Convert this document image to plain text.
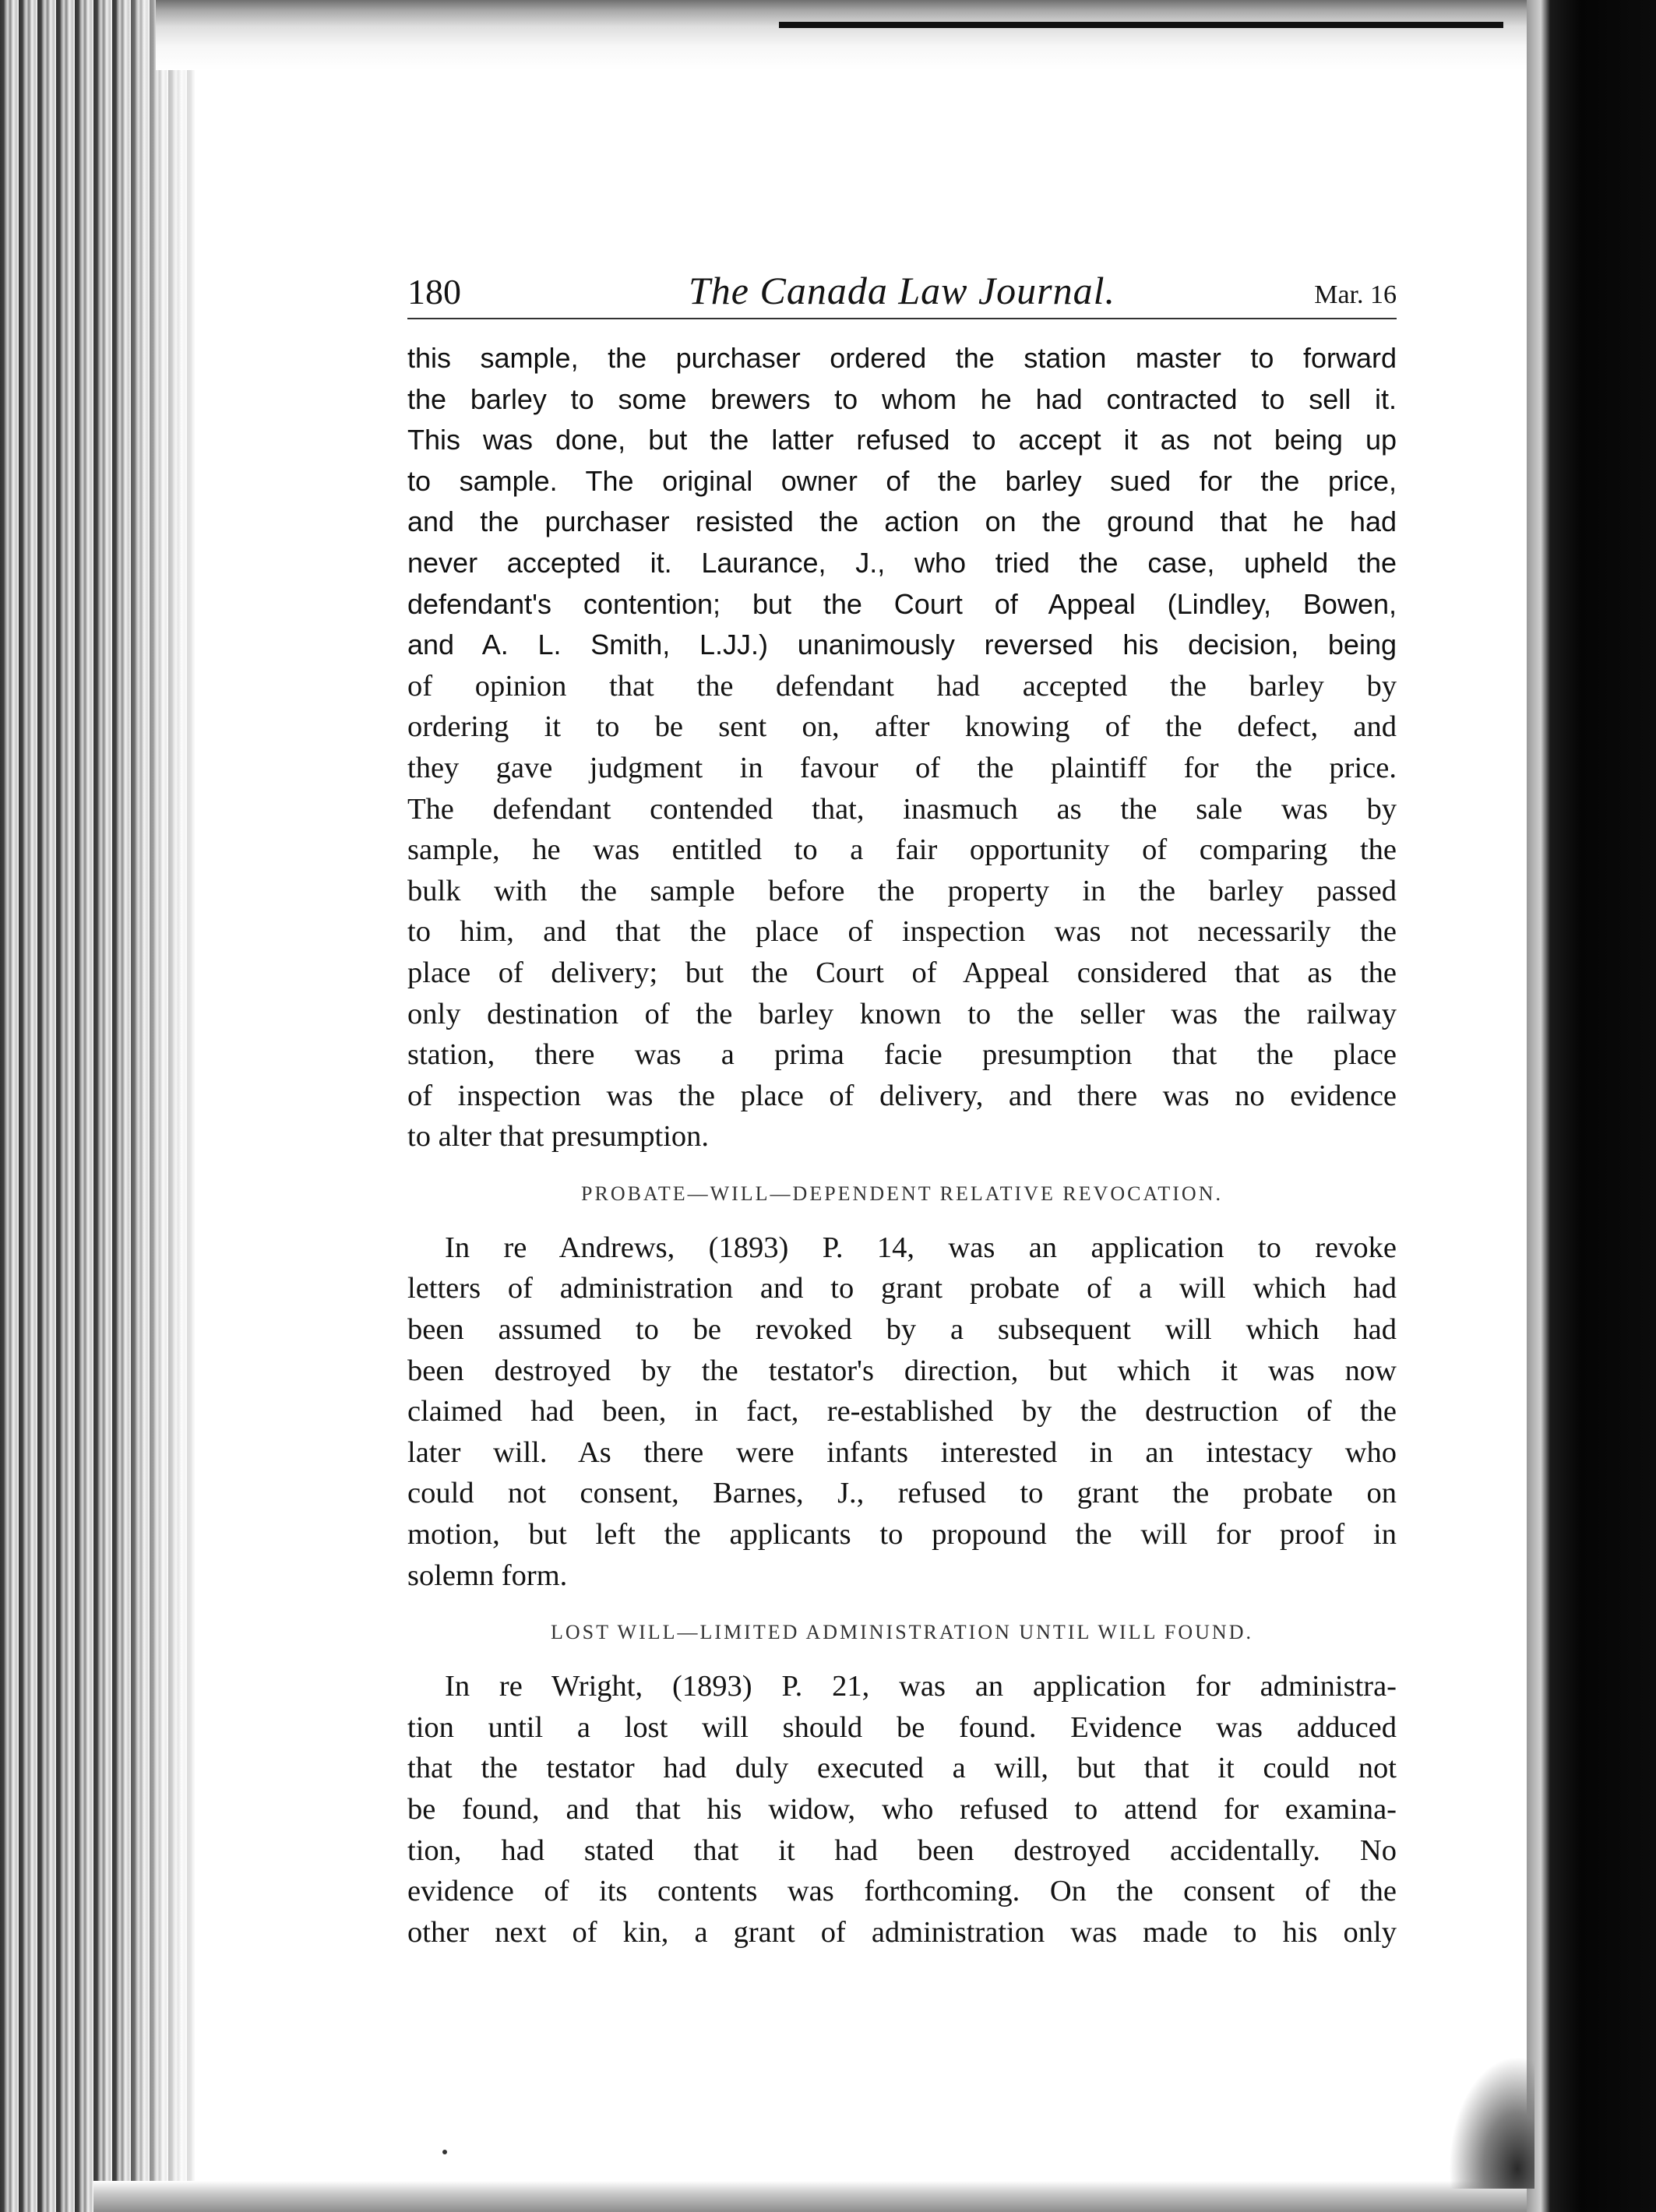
180	The Canada Law Journal.	Mar. 16
this sample, the purchaser ordered the station master to forward
the barley to some brewers to whom he had contracted to sell it.
This was done, but the latter refused to accept it as not being up
to sample. The original owner of the barley sued for the price,
and the purchaser resisted the action on the ground that he had
never accepted it. Laurance, J., who tried the case, upheld the
defendant's contention; but the Court of Appeal (Lindley, Bowen,
and A. L. Smith, L.JJ.) unanimously reversed his decision, being
of opinion that the defendant had accepted the barley by
ordering it to be sent on, after knowing of the defect, and
they gave judgment in favour of the plaintiff for the price.
The defendant contended that, inasmuch as the sale was by
sample, he was entitled to a fair opportunity of comparing the
bulk with the sample before the property in the barley passed
to him, and that the place of inspection was not necessarily the
place of delivery; but the Court of Appeal considered that as the
only destination of the barley known to the seller was the railway
station, there was a prima facie presumption that the place
of inspection was the place of delivery, and there was no evidence
to alter that presumption.
PROBATE—WILL—DEPENDENT RELATIVE REVOCATION.
In re Andrews, (1893) P. 14, was an application to revoke
letters of administration and to grant probate of a will which had
been assumed to be revoked by a subsequent will which had
been destroyed by the testator's direction, but which it was now
claimed had been, in fact, re-established by the destruction of the
later will. As there were infants interested in an intestacy who
could not consent, Barnes, J., refused to grant the probate on
motion, but left the applicants to propound the will for proof in
solemn form.
LOST WILL—LIMITED ADMINISTRATION UNTIL WILL FOUND.
In re Wright, (1893) P. 21, was an application for administra-
tion until a lost will should be found. Evidence was adduced
that the testator had duly executed a will, but that it could not
be found, and that his widow, who refused to attend for examina-
tion, had stated that it had been destroyed accidentally. No
evidence of its contents was forthcoming. On the consent of the
other next of kin, a grant of administration was made to his only
